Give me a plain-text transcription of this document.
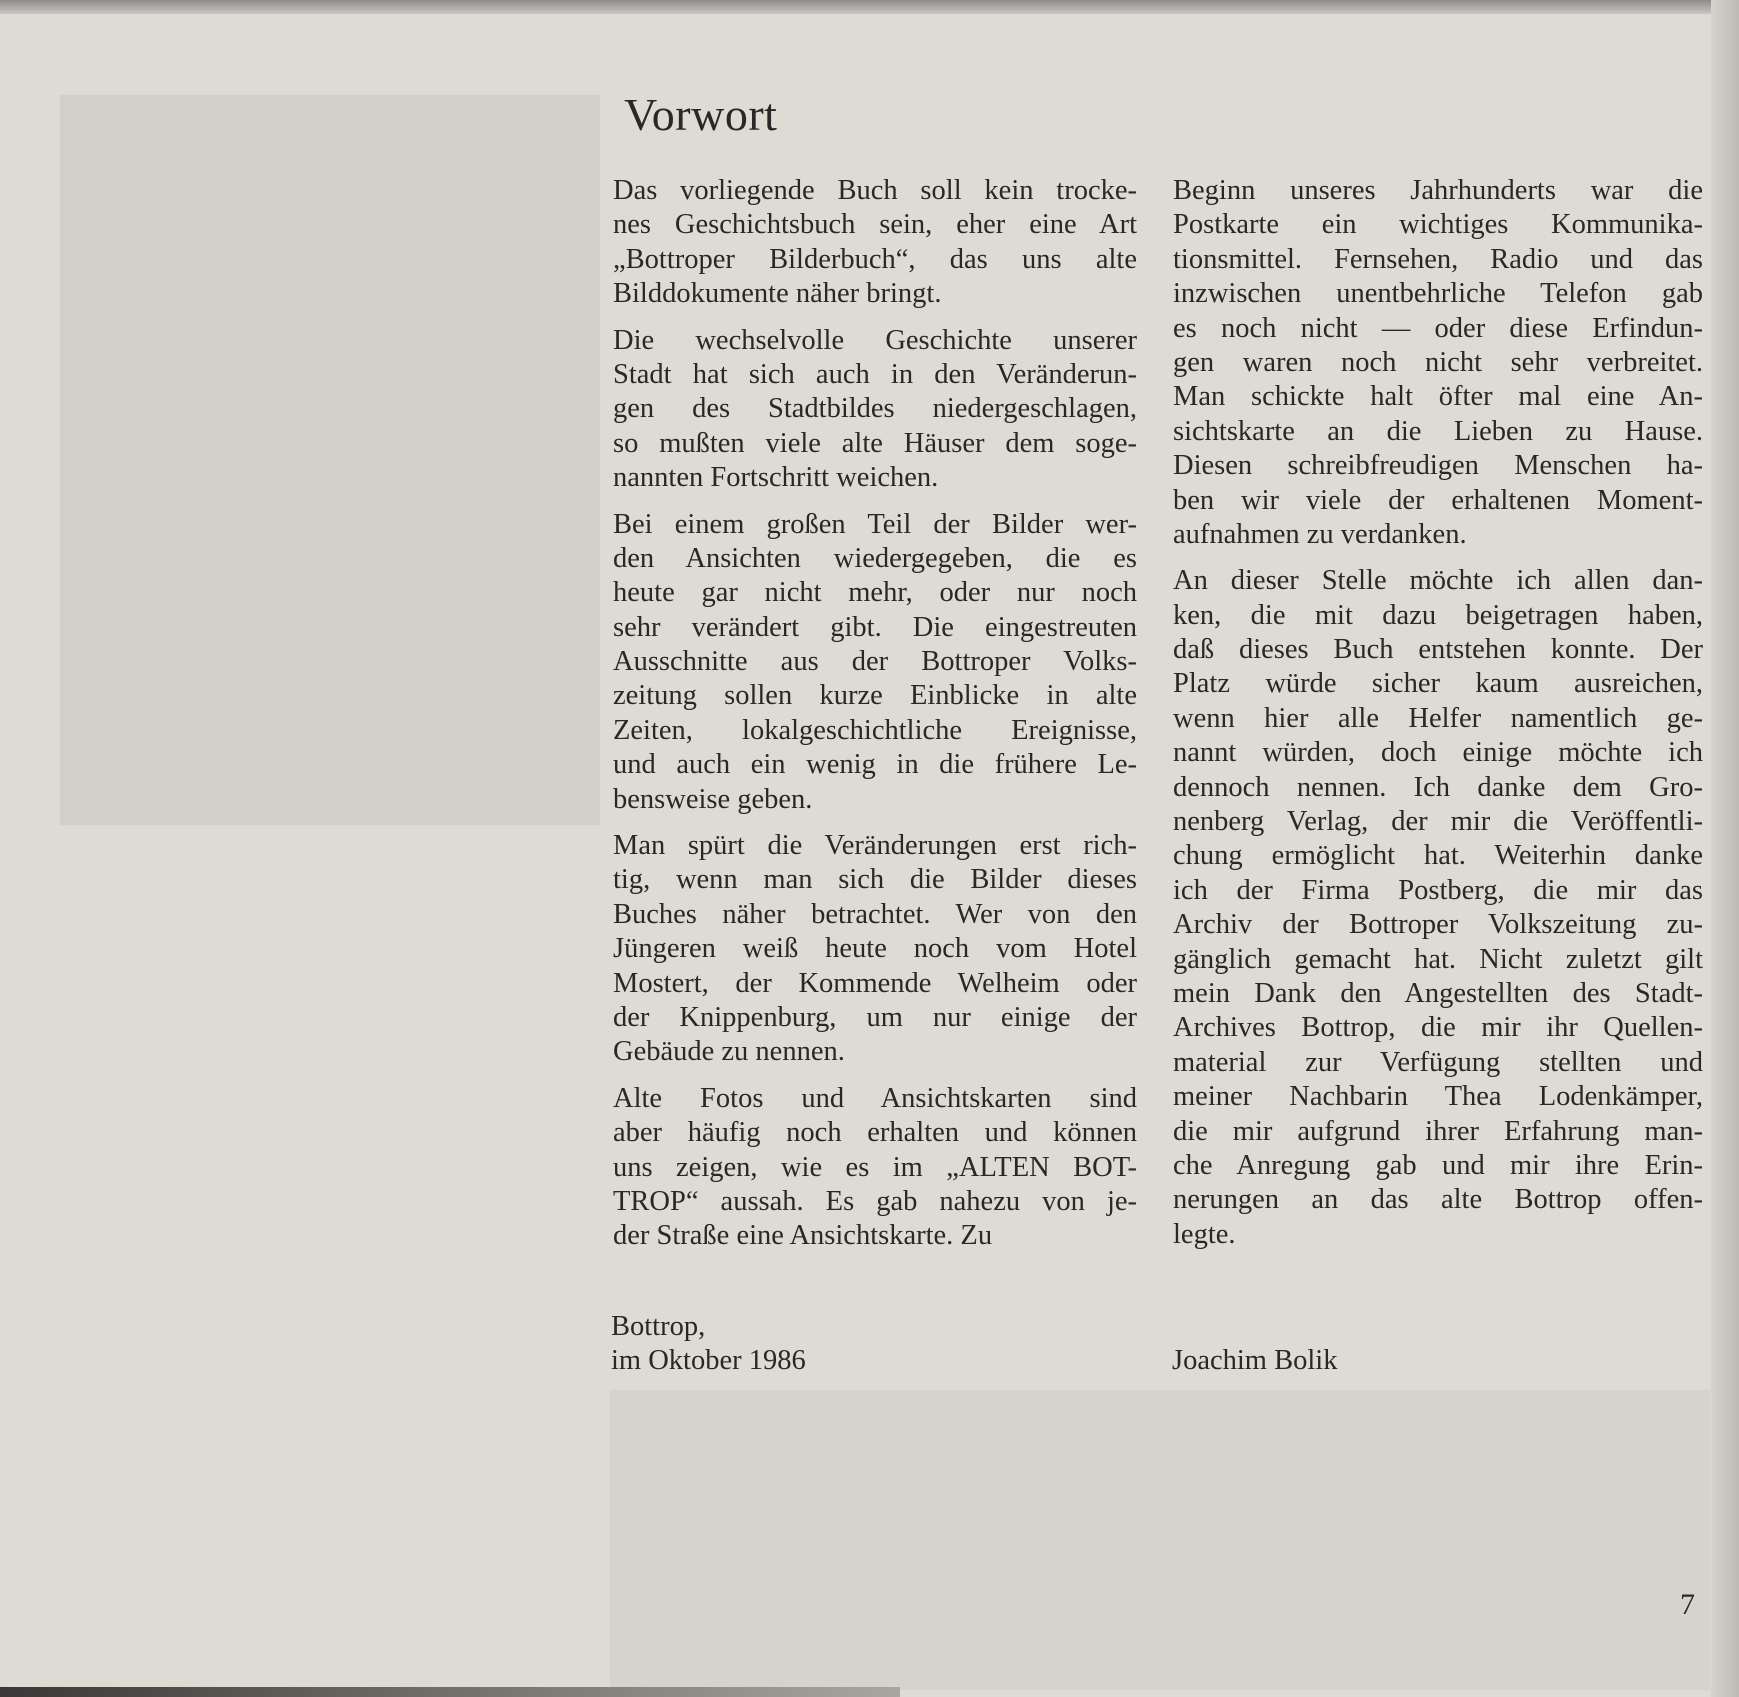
Vorwort
Das vorliegende Buch soll kein trocke-
nes Geschichtsbuch sein, eher eine Art
„Bottroper Bilderbuch“, das uns alte
Bilddokumente näher bringt.
Die wechselvolle Geschichte unserer
Stadt hat sich auch in den Veränderun-
gen des Stadtbildes niedergeschlagen,
so mußten viele alte Häuser dem soge-
nannten Fortschritt weichen.
Bei einem großen Teil der Bilder wer-
den Ansichten wiedergegeben, die es
heute gar nicht mehr, oder nur noch
sehr verändert gibt. Die eingestreuten
Ausschnitte aus der Bottroper Volks-
zeitung sollen kurze Einblicke in alte
Zeiten, lokalgeschichtliche Ereignisse,
und auch ein wenig in die frühere Le-
bensweise geben.
Man spürt die Veränderungen erst rich-
tig, wenn man sich die Bilder dieses
Buches näher betrachtet. Wer von den
Jüngeren weiß heute noch vom Hotel
Mostert, der Kommende Welheim oder
der Knippenburg, um nur einige der
Gebäude zu nennen.
Alte Fotos und Ansichtskarten sind
aber häufig noch erhalten und können
uns zeigen, wie es im „ALTEN BOT-
TROP“ aussah. Es gab nahezu von je-
der Straße eine Ansichtskarte. Zu
Beginn unseres Jahrhunderts war die
Postkarte ein wichtiges Kommunika-
tionsmittel. Fernsehen, Radio und das
inzwischen unentbehrliche Telefon gab
es noch nicht — oder diese Erfindun-
gen waren noch nicht sehr verbreitet.
Man schickte halt öfter mal eine An-
sichtskarte an die Lieben zu Hause.
Diesen schreibfreudigen Menschen ha-
ben wir viele der erhaltenen Moment-
aufnahmen zu verdanken.
An dieser Stelle möchte ich allen dan-
ken, die mit dazu beigetragen haben,
daß dieses Buch entstehen konnte. Der
Platz würde sicher kaum ausreichen,
wenn hier alle Helfer namentlich ge-
nannt würden, doch einige möchte ich
dennoch nennen. Ich danke dem Gro-
nenberg Verlag, der mir die Veröffentli-
chung ermöglicht hat. Weiterhin danke
ich der Firma Postberg, die mir das
Archiv der Bottroper Volkszeitung zu-
gänglich gemacht hat. Nicht zuletzt gilt
mein Dank den Angestellten des Stadt-
Archives Bottrop, die mir ihr Quellen-
material zur Verfügung stellten und
meiner Nachbarin Thea Lodenkämper,
die mir aufgrund ihrer Erfahrung man-
che Anregung gab und mir ihre Erin-
nerungen an das alte Bottrop offen-
legte.
Bottrop,
im Oktober 1986	Joachim Bolik
7
